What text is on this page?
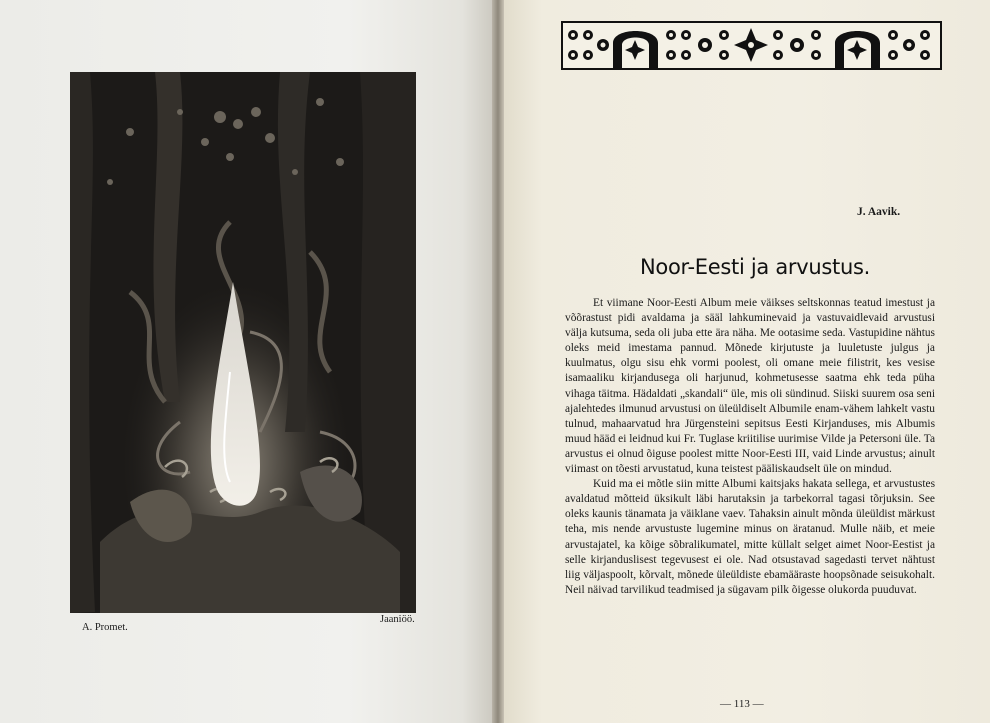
A. Promet.
Jaaniöö.
J. Aavik.
Noor-Eesti ja arvustus.

Et viimane Noor-Eesti Album meie väikses seltskonnas teatud imestust ja võõrastust pidi avaldama ja sääl lahkuminevaid ja vastuvaidlevaid arvustusi välja kutsuma, seda oli juba ette ära näha. Me ootasime seda. Vastupidine nähtus oleks meid imestama pannud. Mõnede kirjutuste ja luuletuste julgus ja kuulmatus, olgu sisu ehk vormi poolest, oli omane meie filistrit, kes vesise isamaaliku kirjandusega oli harjunud, kohmetusesse saatma ehk teda püha vihaga täitma. Hädaldati „skandali“ üle, mis oli sündinud. Siiski suurem osa seni ajalehtedes ilmunud arvustusi on üleüldiselt Albumile enam-vähem lahkelt vastu tulnud, mahaarvatud hra Jürgensteini sepitsus Eesti Kirjanduses, mis Albumis muud hääd ei leidnud kui Fr. Tuglase kriitilise uurimise Vilde ja Petersoni üle. Ta arvustus ei olnud õiguse poolest mitte Noor-Eesti III, vaid Linde arvustus; ainult viimast on tõesti arvustatud, kuna teistest pääliskaudselt üle on mindud.

Kuid ma ei mõtle siin mitte Albumi kaitsjaks hakata sellega, et arvustustes avaldatud mõtteid üksikult läbi harutaksin ja tarbekorral tagasi tõrjuksin. See oleks kaunis tänamata ja väiklane vaev. Tahaksin ainult mõnda üleüldist märkust teha, mis nende arvustuste lugemine minus on äratanud. Mulle näib, et meie arvustajatel, ka kõige sõbralikumatel, mitte küllalt selget aimet Noor-Eestist ja selle kirjanduslisest tegevusest ei ole. Nad otsustavad sagedasti tervet nähtust liig väljaspoolt, kõrvalt, mõnede üleüldiste ebamääraste hoopsõnade seisukohalt. Neil näivad tarvilikud teadmised ja sügavam pilk õigesse olukorda puuduvat.

— 113 —
